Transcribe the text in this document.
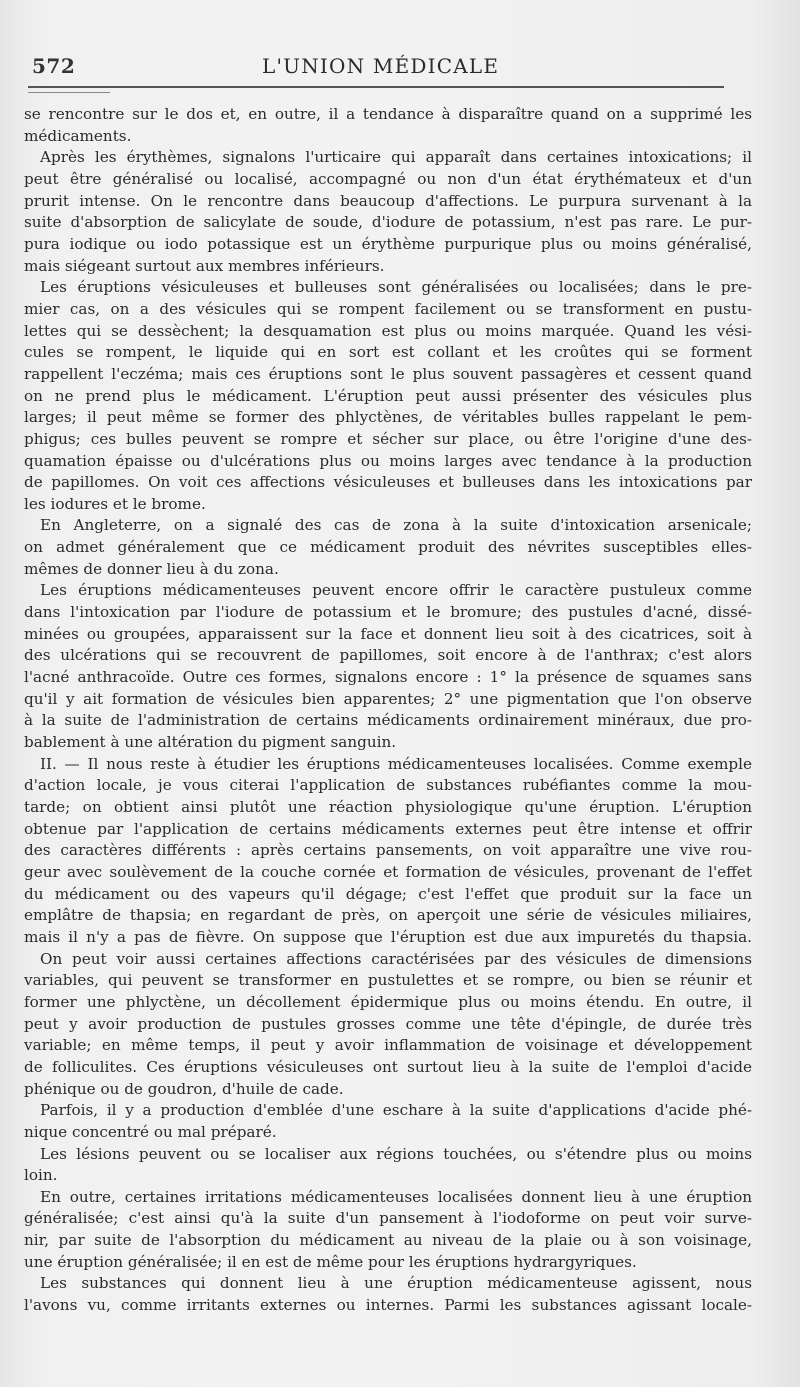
572	L'UNION MÉDICALE
se rencontre sur le dos et, en outre, il a tendance à disparaître quand on a supprimé les
médicaments.
Après les érythèmes, signalons l'urticaire qui apparaît dans certaines intoxications; il
peut être généralisé ou localisé, accompagné ou non d'un état érythémateux et d'un
prurit intense. On le rencontre dans beaucoup d'affections. Le purpura survenant à la
suite d'absorption de salicylate de soude, d'iodure de potassium, n'est pas rare. Le pur-
pura iodique ou iodo potassique est un érythème purpurique plus ou moins généralisé,
mais siégeant surtout aux membres inférieurs.
Les éruptions vésiculeuses et bulleuses sont généralisées ou localisées; dans le pre-
mier cas, on a des vésicules qui se rompent facilement ou se transforment en pustu-
lettes qui se dessèchent; la desquamation est plus ou moins marquée. Quand les vési-
cules se rompent, le liquide qui en sort est collant et les croûtes qui se forment
rappellent l'eczéma; mais ces éruptions sont le plus souvent passagères et cessent quand
on ne prend plus le médicament. L'éruption peut aussi présenter des vésicules plus
larges; il peut même se former des phlyctènes, de véritables bulles rappelant le pem-
phigus; ces bulles peuvent se rompre et sécher sur place, ou être l'origine d'une des-
quamation épaisse ou d'ulcérations plus ou moins larges avec tendance à la production
de papillomes. On voit ces affections vésiculeuses et bulleuses dans les intoxications par
les iodures et le brome.
En Angleterre, on a signalé des cas de zona à la suite d'intoxication arsenicale;
on admet généralement que ce médicament produit des névrites susceptibles elles-
mêmes de donner lieu à du zona.
Les éruptions médicamenteuses peuvent encore offrir le caractère pustuleux comme
dans l'intoxication par l'iodure de potassium et le bromure; des pustules d'acné, dissé-
minées ou groupées, apparaissent sur la face et donnent lieu soit à des cicatrices, soit à
des ulcérations qui se recouvrent de papillomes, soit encore à de l'anthrax; c'est alors
l'acné anthracoïde. Outre ces formes, signalons encore : 1° la présence de squames sans
qu'il y ait formation de vésicules bien apparentes; 2° une pigmentation que l'on observe
à la suite de l'administration de certains médicaments ordinairement minéraux, due pro-
bablement à une altération du pigment sanguin.
II. — Il nous reste à étudier les éruptions médicamenteuses localisées. Comme exemple
d'action locale, je vous citerai l'application de substances rubéfiantes comme la mou-
tarde; on obtient ainsi plutôt une réaction physiologique qu'une éruption. L'éruption
obtenue par l'application de certains médicaments externes peut être intense et offrir
des caractères différents : après certains pansements, on voit apparaître une vive rou-
geur avec soulèvement de la couche cornée et formation de vésicules, provenant de l'effet
du médicament ou des vapeurs qu'il dégage; c'est l'effet que produit sur la face un
emplâtre de thapsia; en regardant de près, on aperçoit une série de vésicules miliaires,
mais il n'y a pas de fièvre. On suppose que l'éruption est due aux impuretés du thapsia.
On peut voir aussi certaines affections caractérisées par des vésicules de dimensions
variables, qui peuvent se transformer en pustulettes et se rompre, ou bien se réunir et
former une phlyctène, un décollement épidermique plus ou moins étendu. En outre, il
peut y avoir production de pustules grosses comme une tête d'épingle, de durée très
variable; en même temps, il peut y avoir inflammation de voisinage et développement
de folliculites. Ces éruptions vésiculeuses ont surtout lieu à la suite de l'emploi d'acide
phénique ou de goudron, d'huile de cade.
Parfois, il y a production d'emblée d'une eschare à la suite d'applications d'acide phé-
nique concentré ou mal préparé.
Les lésions peuvent ou se localiser aux régions touchées, ou s'étendre plus ou moins
loin.
En outre, certaines irritations médicamenteuses localisées donnent lieu à une éruption
généralisée; c'est ainsi qu'à la suite d'un pansement à l'iodoforme on peut voir surve-
nir, par suite de l'absorption du médicament au niveau de la plaie ou à son voisinage,
une éruption généralisée; il en est de même pour les éruptions hydrargyriques.
Les substances qui donnent lieu à une éruption médicamenteuse agissent, nous
l'avons vu, comme irritants externes ou internes. Parmi les substances agissant locale-
